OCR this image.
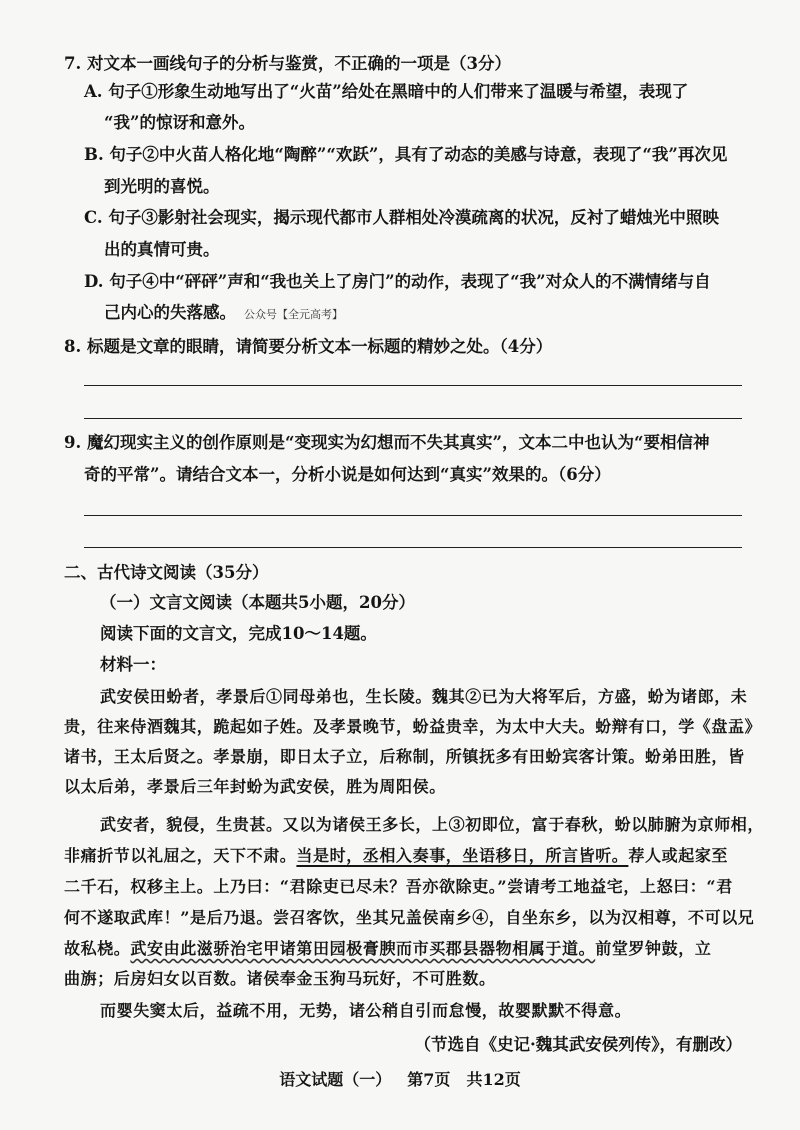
7. 对文本一画线句子的分析与鉴赏，不正确的一项是（3分）
A. 句子①形象生动地写出了“火苗”给处在黑暗中的人们带来了温暖与希望，表现了
“我”的惊讶和意外。
B. 句子②中火苗人格化地“陶醉”“欢跃”，具有了动态的美感与诗意，表现了“我”再次见
到光明的喜悦。
C. 句子③影射社会现实，揭示现代都市人群相处冷漠疏离的状况，反衬了蜡烛光中照映
出的真情可贵。
D. 句子④中“砰砰”声和“我也关上了房门”的动作，表现了“我”对众人的不满情绪与自
己内心的失落感。 公众号【全元高考】
8. 标题是文章的眼睛，请简要分析文本一标题的精妙之处。（4分）
9. 魔幻现实主义的创作原则是“变现实为幻想而不失其真实”，文本二中也认为“要相信神
奇的平常”。请结合文本一，分析小说是如何达到“真实”效果的。（6分）
二、古代诗文阅读（35分）
（一）文言文阅读（本题共5小题，20分）
阅读下面的文言文，完成10～14题。
材料一：
武安侯田蚡者，孝景后①同母弟也，生长陵。魏其②已为大将军后，方盛，蚡为诸郎，未
贵，往来侍酒魏其，跪起如子姓。及孝景晚节，蚡益贵幸，为太中大夫。蚡辩有口，学《盘盂》
诸书，王太后贤之。孝景崩，即日太子立，后称制，所镇抚多有田蚡宾客计策。蚡弟田胜，皆
以太后弟，孝景后三年封蚡为武安侯，胜为周阳侯。
武安者，貌侵，生贵甚。又以为诸侯王多长，上③初即位，富于春秋，蚡以肺腑为京师相，
非痛折节以礼屈之，天下不肃。当是时，丞相入奏事，坐语移日，所言皆听。荐人或起家至
二千石，权移主上。上乃曰：“君除吏已尽未？吾亦欲除吏。”尝请考工地益宅，上怒曰：“君
何不遂取武库！”是后乃退。尝召客饮，坐其兄盖侯南乡④，自坐东乡，以为汉相尊，不可以兄
故私桡。武安由此滋骄治宅甲诸第田园极膏腴而市买郡县器物相属于道。前堂罗钟鼓，立
曲旃；后房妇女以百数。诸侯奉金玉狗马玩好，不可胜数。
而婴失窦太后，益疏不用，无势，诸公稍自引而怠慢，故婴默默不得意。
（节选自《史记·魏其武安侯列传》，有删改）
语文试题（一） 第7页 共12页
